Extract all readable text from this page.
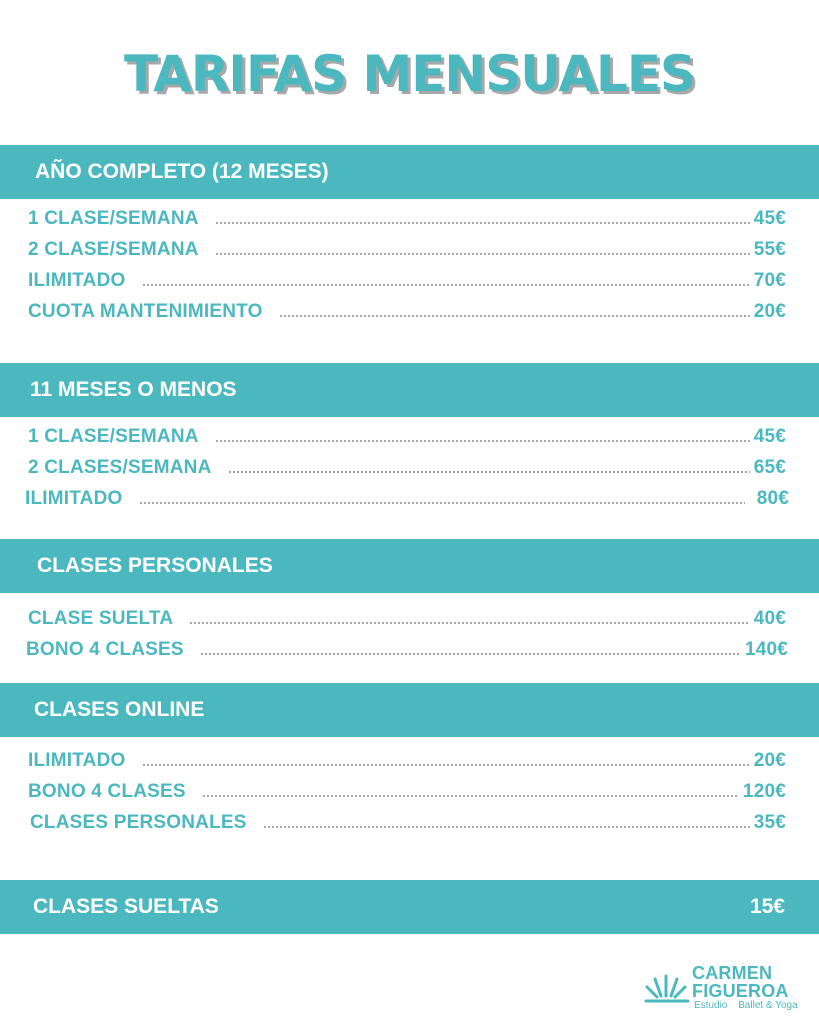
TARIFAS MENSUALES
AÑO COMPLETO (12 MESES)
1 CLASE/SEMANA	45€
2 CLASE/SEMANA	55€
ILIMITADO	70€
CUOTA MANTENIMIENTO	20€
11 MESES O MENOS
1 CLASE/SEMANA	45€
2 CLASES/SEMANA	65€
ILIMITADO	80€
CLASES PERSONALES
CLASE SUELTA	40€
BONO 4 CLASES	140€
CLASES ONLINE
ILIMITADO	20€
BONO 4 CLASES	120€
CLASES PERSONALES	35€
CLASES SUELTAS	15€
CARMEN
FIGUEROA
Estudio Ballet & Yoga
